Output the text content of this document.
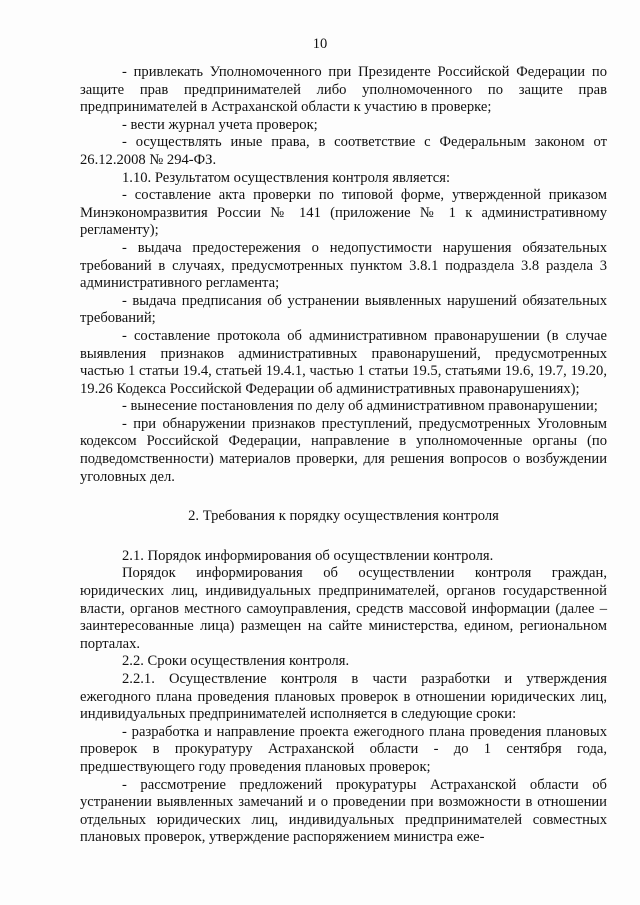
10

- привлекать Уполномоченного при Президенте Российской Федерации по защите прав предпринимателей либо уполномоченного по защите прав предпринимателей в Астраханской области к участию в проверке;

- вести журнал учета проверок;

- осуществлять иные права, в соответствие с Федеральным законом от 26.12.2008 № 294-ФЗ.

1.10. Результатом осуществления контроля является:

- составление акта проверки по типовой форме, утвержденной приказом Минэкономразвития России № 141 (приложение № 1 к административному регламенту);

- выдача предостережения о недопустимости нарушения обязательных требований в случаях, предусмотренных пунктом 3.8.1 подраздела 3.8 раздела 3 административного регламента;

- выдача предписания об устранении выявленных нарушений обязательных требований;

- составление протокола об административном правонарушении (в случае выявления признаков административных правонарушений, предусмотренных частью 1 статьи 19.4, статьей 19.4.1, частью 1 статьи 19.5, статьями 19.6, 19.7, 19.20, 19.26 Кодекса Российской Федерации об административных правонарушениях);

- вынесение постановления по делу об административном правонарушении;

- при обнаружении признаков преступлений, предусмотренных Уголовным кодексом Российской Федерации, направление в уполномоченные органы (по подведомственности) материалов проверки, для решения вопросов о возбуждении уголовных дел.

2. Требования к порядку осуществления контроля

2.1. Порядок информирования об осуществлении контроля.

Порядок информирования об осуществлении контроля граждан, юридических лиц, индивидуальных предпринимателей, органов государственной власти, органов местного самоуправления, средств массовой информации (далее – заинтересованные лица) размещен на сайте министерства, едином, региональном порталах.

2.2. Сроки осуществления контроля.

2.2.1. Осуществление контроля в части разработки и утверждения ежегодного плана проведения плановых проверок в отношении юридических лиц, индивидуальных предпринимателей исполняется в следующие сроки:

- разработка и направление проекта ежегодного плана проведения плановых проверок в прокуратуру Астраханской области - до 1 сентября года, предшествующего году проведения плановых проверок;

- рассмотрение предложений прокуратуры Астраханской области об устранении выявленных замечаний и о проведении при возможности в отношении отдельных юридических лиц, индивидуальных предпринимателей совместных плановых проверок, утверждение распоряжением министра еже-
